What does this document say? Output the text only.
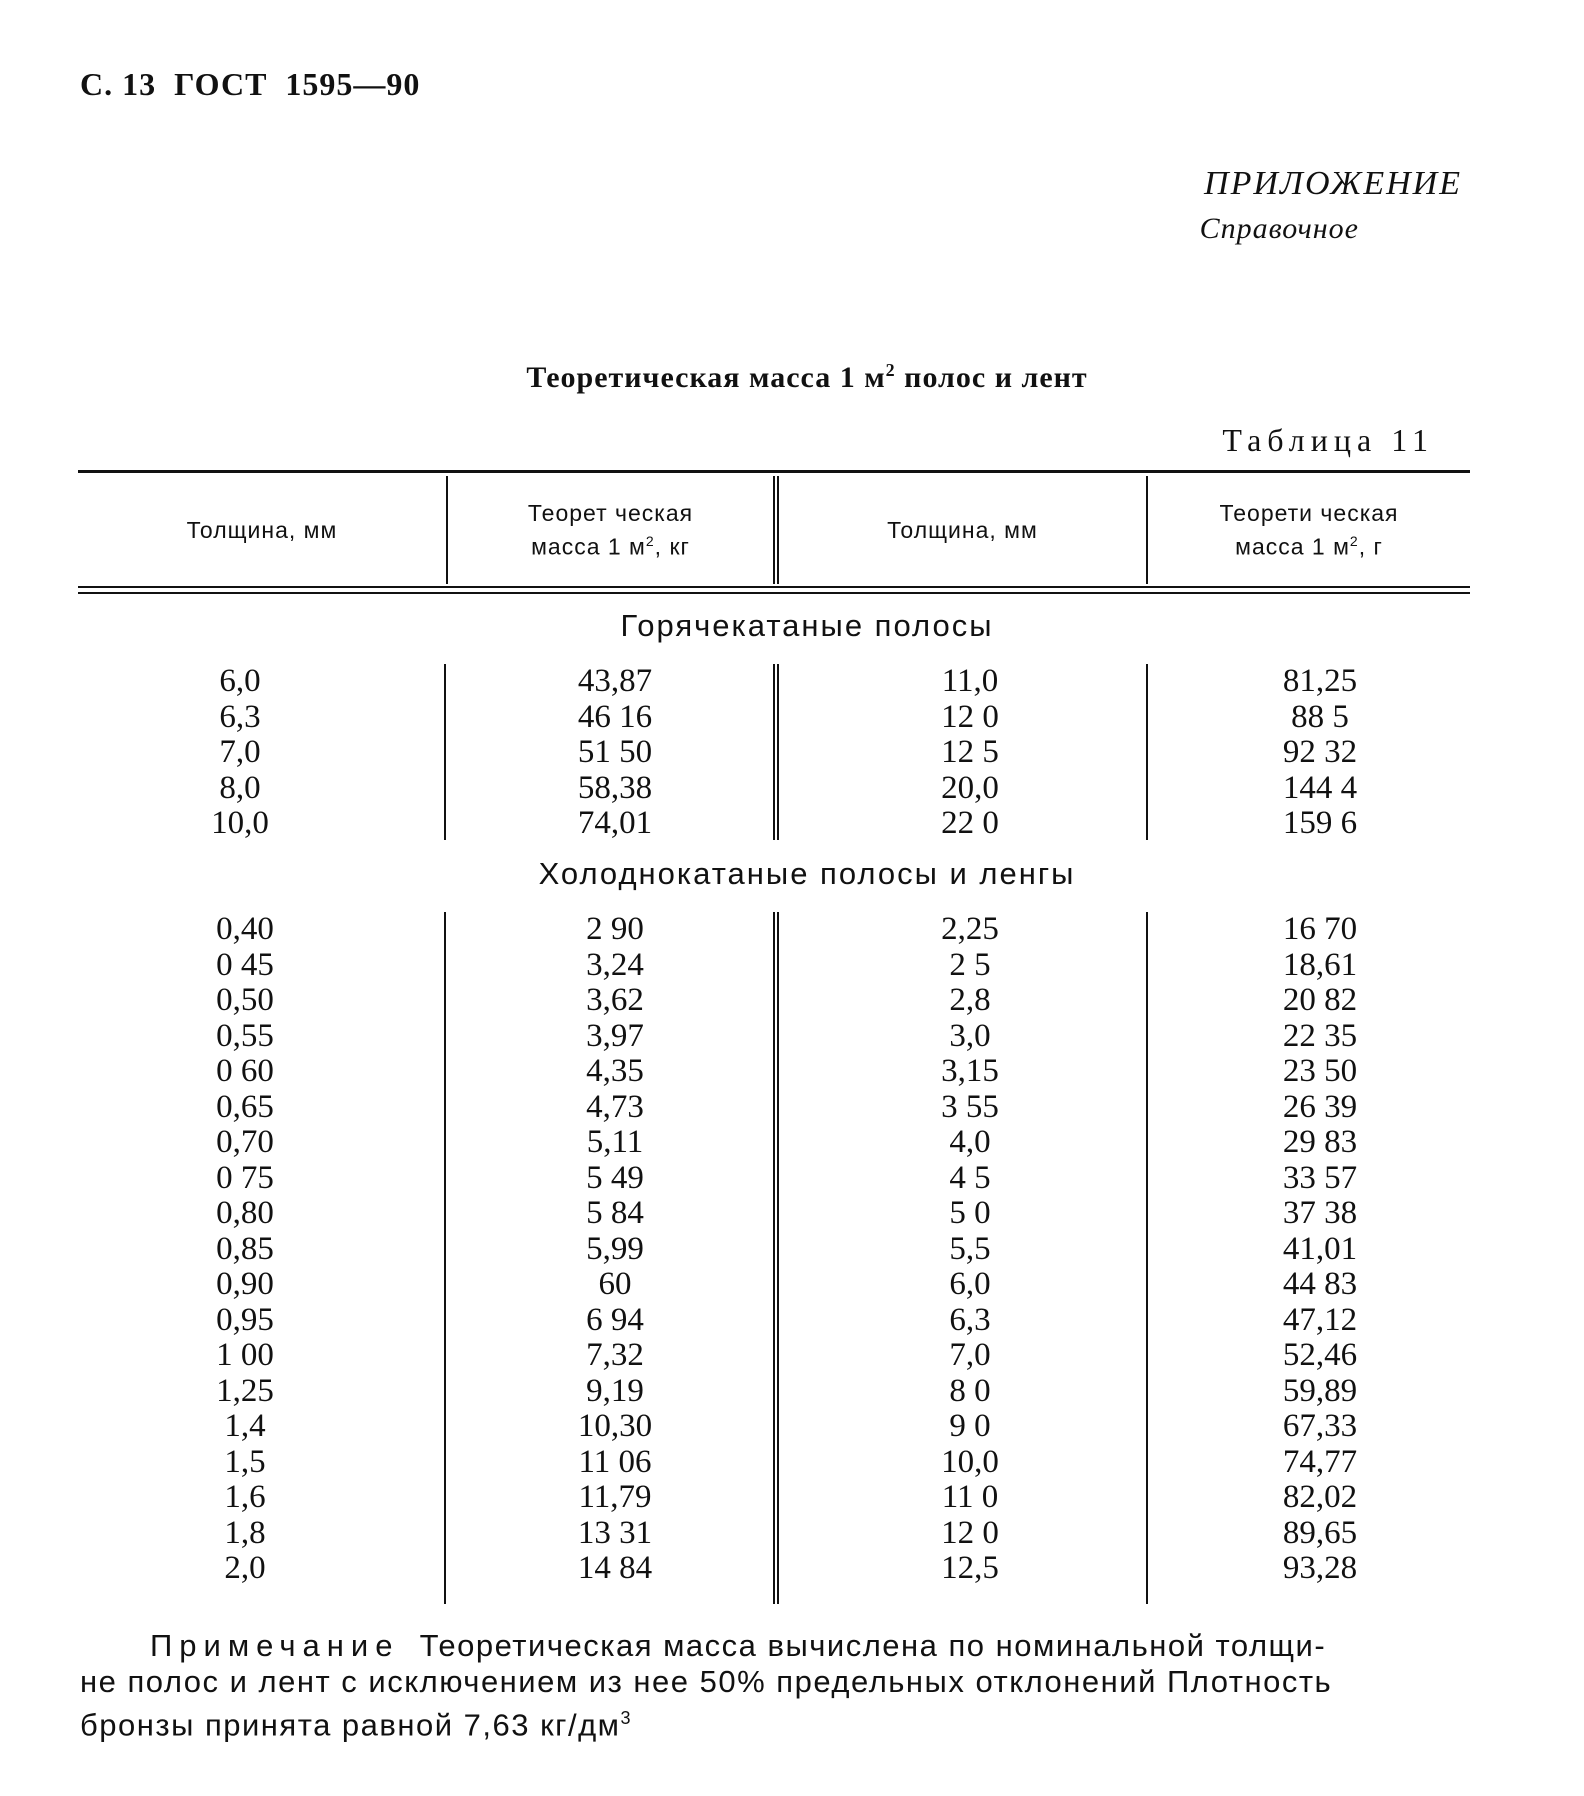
С. 13  ГОСТ  1595—90
ПРИЛОЖЕНИЕ
Справочное
Теоретическая масса 1 $м^2$ полос и лент
Таблица 11
Толщина, мм
Теорет ческая
масса 1 $м^2$, кг
Толщина, мм
Теорети ческая
масса 1 $м^2$, г
Горячекатаные полосы
6,0
6,3
7,0
8,0
10,0
43,87
46 16
51 50
58,38
74,01
11,0
12 0
12 5
20,0
22 0
81,25
88 5
92 32
144 4
159 6
Холоднокатаные полосы и ленгы
0,40
0 45
0,50
0,55
0 60
0,65
0,70
0 75
0,80
0,85
0,90
0,95
1 00
1,25
1,4
1,5
1,6
1,8
2,0
2 90
3,24
3,62
3,97
4,35
4,73
5,11
5 49
5 84
5,99
60
6 94
7,32
9,19
10,30
11 06
11,79
13 31
14 84
2,25
2 5
2,8
3,0
3,15
3 55
4,0
4 5
5 0
5,5
6,0
6,3
7,0
8 0
9 0
10,0
11 0
12 0
12,5
16 70
18,61
20 82
22 35
23 50
26 39
29 83
33 57
37 38
41,01
44 83
47,12
52,46
59,89
67,33
74,77
82,02
89,65
93,28
Примечание Теоретическая масса вычислена по номинальной толщи-
не полос и лент с исключением из нее 50% предельных отклонений Плотность
бронзы принята равной 7,63 $кг/дм^3$
